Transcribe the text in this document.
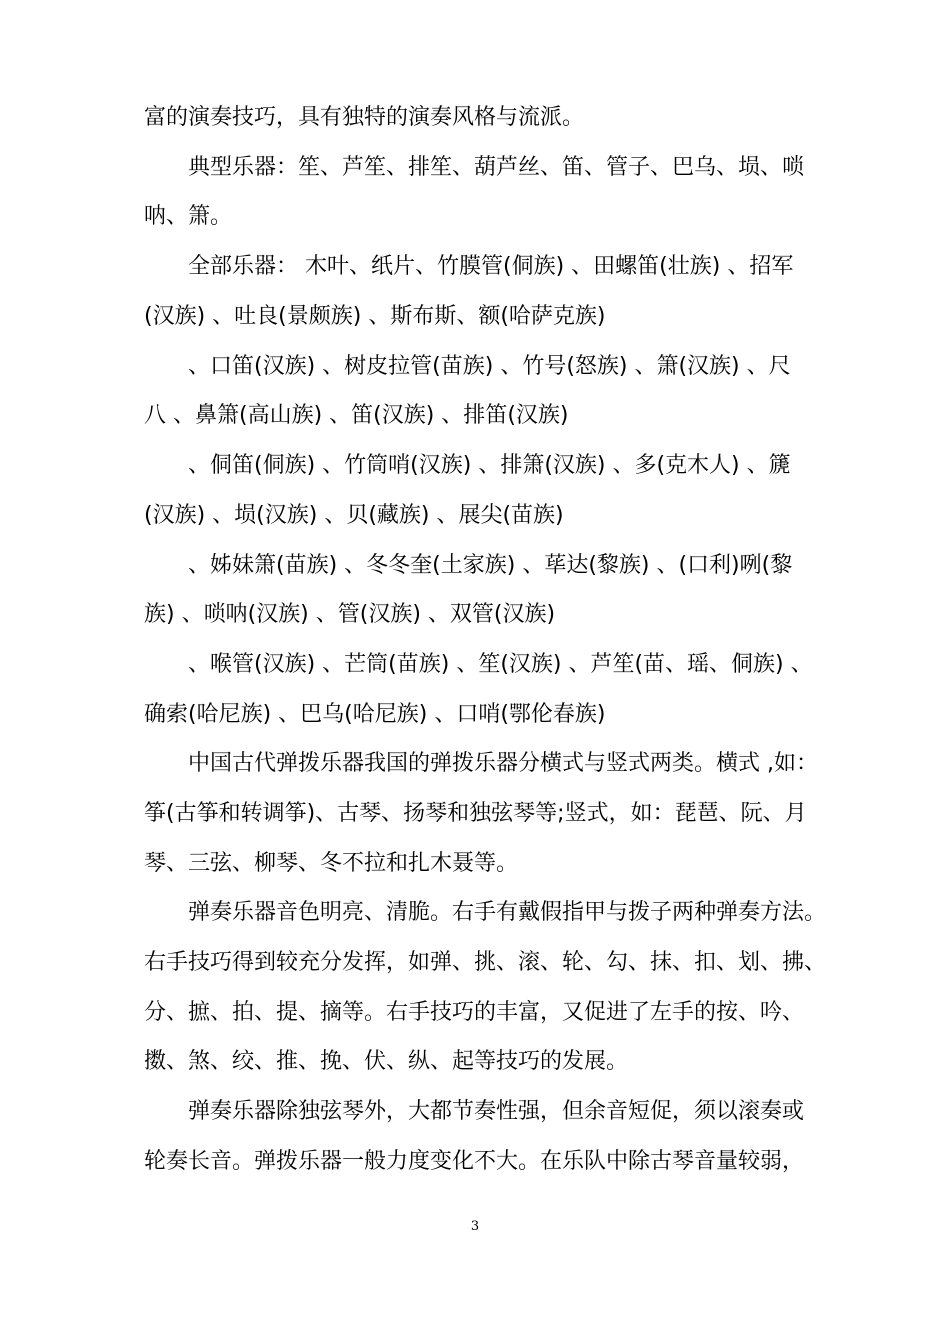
富的演奏技巧，具有独特的演奏风格与流派。
典型乐器：笙、芦笙、排笙、葫芦丝、笛、管子、巴乌、埙、唢
呐、箫。
全部乐器： 木叶、纸片、竹膜管(侗族) 、田螺笛(壮族) 、招军
(汉族) 、吐良(景颇族) 、斯布斯、额(哈萨克族)
、口笛(汉族) 、树皮拉管(苗族) 、竹号(怒族) 、箫(汉族) 、尺
八 、鼻箫(高山族) 、笛(汉族) 、排笛(汉族)
、侗笛(侗族) 、竹筒哨(汉族) 、排箫(汉族) 、多(克木人) 、篪
(汉族) 、埙(汉族) 、贝(藏族) 、展尖(苗族)
、姊妹箫(苗族) 、冬冬奎(土家族) 、荜达(黎族) 、(口利)咧(黎
族) 、唢呐(汉族) 、管(汉族) 、双管(汉族)
、喉管(汉族) 、芒筒(苗族) 、笙(汉族) 、芦笙(苗、瑶、侗族) 、
确索(哈尼族) 、巴乌(哈尼族) 、口哨(鄂伦春族)
中国古代弹拨乐器我国的弹拨乐器分横式与竖式两类。横式 ,如：
筝(古筝和转调筝)、古琴、扬琴和独弦琴等;竖式，如：琵琶、阮、月
琴、三弦、柳琴、冬不拉和扎木聂等。
弹奏乐器音色明亮、清脆。右手有戴假指甲与拨子两种弹奏方法。
右手技巧得到较充分发挥，如弹、挑、滚、轮、勾、抹、扣、划、拂、
分、摭、拍、提、摘等。右手技巧的丰富，又促进了左手的按、吟、
擞、煞、绞、推、挽、伏、纵、起等技巧的发展。
弹奏乐器除独弦琴外，大都节奏性强，但余音短促，须以滚奏或
轮奏长音。弹拨乐器一般力度变化不大。在乐队中除古琴音量较弱，
3
